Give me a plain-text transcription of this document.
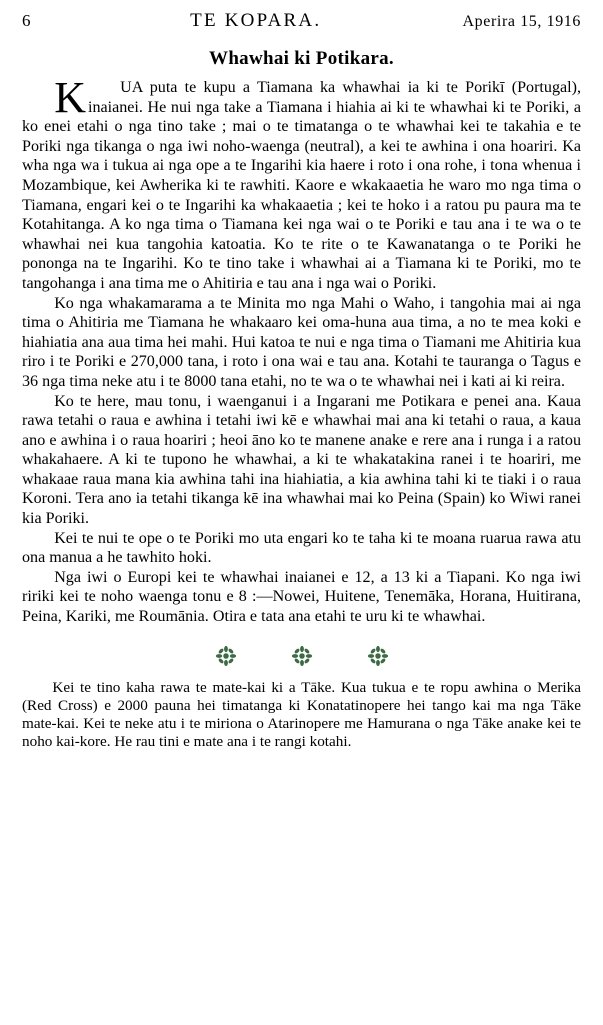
6	TE KOPARA.	Aperira 15, 1916
Whawhai ki Potikara.

K UA puta te kupu a Tiamana ka whawhai ia ki te Porikī (Portugal), inaianei. He nui nga take a Tiamana i hiahia ai ki te whawhai ki te Poriki, a ko enei etahi o nga tino take ; mai o te timatanga o te whawhai kei te takahia e te Poriki nga tikanga o nga iwi noho-waenga (neutral), a kei te awhina i ona hoariri. Ka wha nga wa i tukua ai nga ope a te Ingarihi kia haere i roto i ona rohe, i tona whenua i Mozambique, kei Awherika ki te rawhiti. Kaore e wkakaaetia he waro mo nga tima o Tiamana, engari kei o te Ingarihi ka whakaaetia ; kei te hoko i a ratou pu paura ma te Kotahitanga. A ko nga tima o Tiamana kei nga wai o te Poriki e tau ana i te wa o te whawhai nei kua tangohia katoatia. Ko te rite o te Kawanatanga o te Poriki he pononga na te Ingarihi. Ko te tino take i whawhai ai a Tiamana ki te Poriki, mo te tangohanga i ana tima me o Ahitiria e tau ana i nga wai o Poriki.

Ko nga whakamarama a te Minita mo nga Mahi o Waho, i tangohia mai ai nga tima o Ahitiria me Tiamana he whakaaro kei oma-huna aua tima, a no te mea koki e hiahiatia ana aua tima hei mahi. Hui katoa te nui e nga tima o Tiamani me Ahitiria kua riro i te Poriki e 270,000 tana, i roto i ona wai e tau ana. Kotahi te tauranga o Tagus e 36 nga tima neke atu i te 8000 tana etahi, no te wa o te whawhai nei i kati ai ki reira.

Ko te here, mau tonu, i waenganui i a Ingarani me Potikara e penei ana. Kaua rawa tetahi o raua e awhina i tetahi iwi kē e whawhai mai ana ki tetahi o raua, a kaua ano e awhina i o raua hoariri ; heoi āno ko te manene anake e rere ana i runga i a ratou whakahaere. A ki te tupono he whawhai, a ki te whakatakina ranei i te hoariri, me whakaae raua mana kia awhina tahi ina hiahiatia, a kia awhina tahi ki te tiaki i o raua Koroni. Tera ano ia tetahi tikanga kē ina whawhai mai ko Peina (Spain) ko Wiwi ranei kia Poriki.

Kei te nui te ope o te Poriki mo uta engari ko te taha ki te moana ruarua rawa atu ona manua a he tawhito hoki.

Nga iwi o Europi kei te whawhai inaianei e 12, a 13 ki a Tiapani. Ko nga iwi ririki kei te noho waenga tonu e 8 :—Nowei, Huitene, Tenemāka, Horana, Huitirana, Peina, Kariki, me Roumānia. Otira e tata ana etahi te uru ki te whawhai.

Kei te tino kaha rawa te mate-kai ki a Tāke. Kua tukua e te ropu awhina o Merika (Red Cross) e 2000 pauna hei timatanga ki Konatatinopere hei tango kai ma nga Tāke mate-kai. Kei te neke atu i te miriona o Atarinopere me Hamurana o nga Tāke anake kei te noho kai-kore. He rau tini e mate ana i te rangi kotahi.
